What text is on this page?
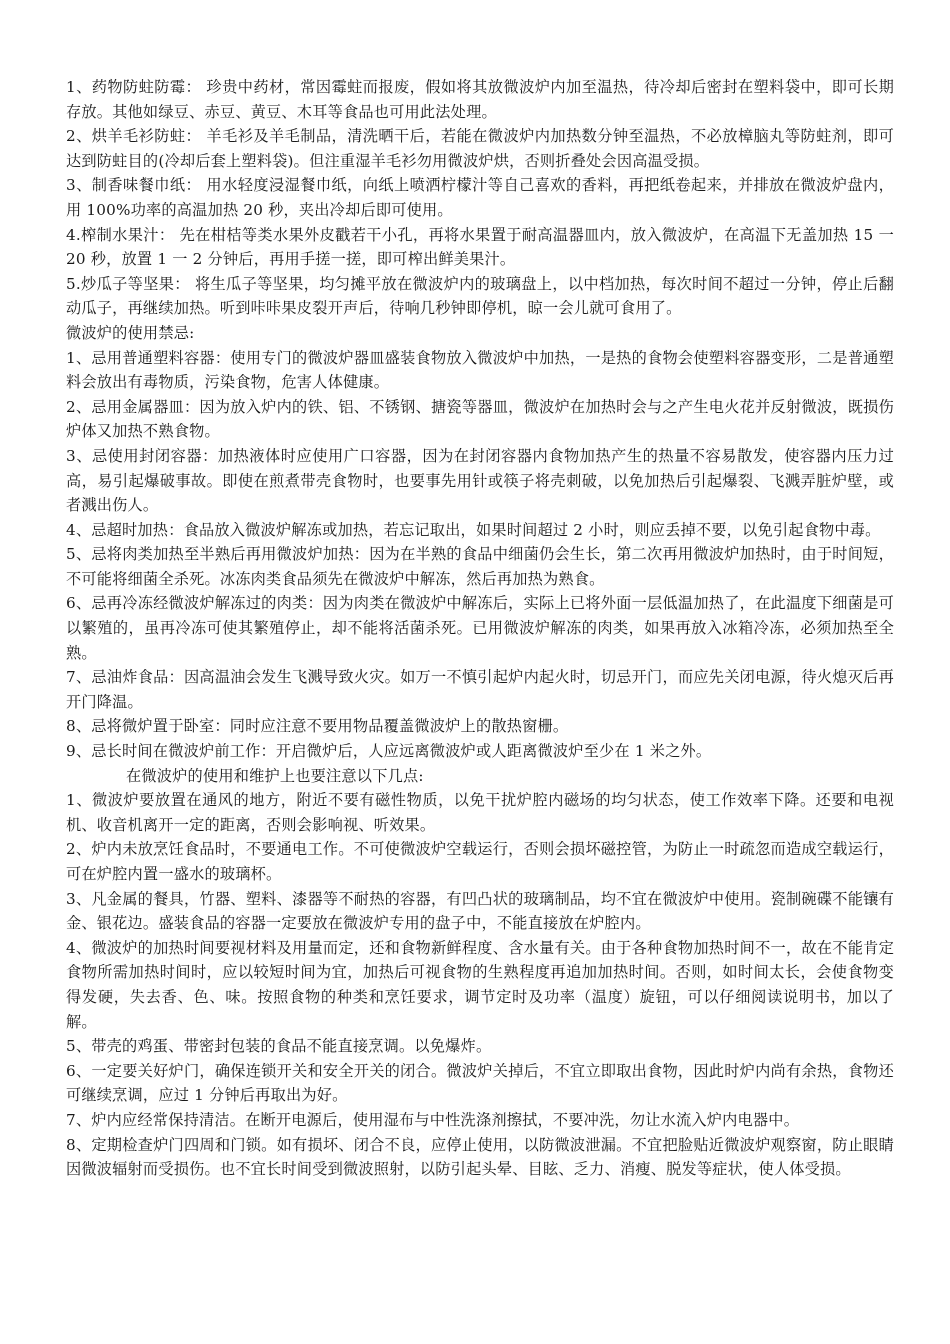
1、药物防蛀防霉： 珍贵中药材，常因霉蛀而报废，假如将其放微波炉内加至温热，待冷却后密封在塑料袋中，即可长期存放。其他如绿豆、赤豆、黄豆、木耳等食品也可用此法处理。

2、烘羊毛衫防蛀： 羊毛衫及羊毛制品，清洗晒干后，若能在微波炉内加热数分钟至温热，不必放樟脑丸等防蛀剂，即可达到防蛀目的(冷却后套上塑料袋)。但注重湿羊毛衫勿用微波炉烘，否则折叠处会因高温受损。

3、制香味餐巾纸： 用水轻度浸湿餐巾纸，向纸上喷洒柠檬汁等自己喜欢的香料，再把纸卷起来，并排放在微波炉盘内，用 100%功率的高温加热 20 秒，夹出冷却后即可使用。

4.榨制水果汁： 先在柑桔等类水果外皮戳若干小孔，再将水果置于耐高温器皿内，放入微波炉，在高温下无盖加热 15 一 20 秒，放置 1 一 2 分钟后，再用手搓一搓，即可榨出鲜美果汁。

5.炒瓜子等坚果： 将生瓜子等坚果，均匀摊平放在微波炉内的玻璃盘上，以中档加热，每次时间不超过一分钟，停止后翻动瓜子，再继续加热。听到咔咔果皮裂开声后，待响几秒钟即停机，晾一会儿就可食用了。

微波炉的使用禁忌:

1、忌用普通塑料容器：使用专门的微波炉器皿盛装食物放入微波炉中加热，一是热的食物会使塑料容器变形，二是普通塑料会放出有毒物质，污染食物，危害人体健康。

2、忌用金属器皿：因为放入炉内的铁、铝、不锈钢、搪瓷等器皿，微波炉在加热时会与之产生电火花并反射微波，既损伤炉体又加热不熟食物。

3、忌使用封闭容器：加热液体时应使用广口容器，因为在封闭容器内食物加热产生的热量不容易散发，使容器内压力过高，易引起爆破事故。即使在煎煮带壳食物时，也要事先用针或筷子将壳刺破，以免加热后引起爆裂、飞溅弄脏炉壁，或者溅出伤人。

4、忌超时加热：食品放入微波炉解冻或加热，若忘记取出，如果时间超过 2 小时，则应丢掉不要，以免引起食物中毒。

5、忌将肉类加热至半熟后再用微波炉加热：因为在半熟的食品中细菌仍会生长，第二次再用微波炉加热时，由于时间短，不可能将细菌全杀死。冰冻肉类食品须先在微波炉中解冻，然后再加热为熟食。

6、忌再冷冻经微波炉解冻过的肉类：因为肉类在微波炉中解冻后，实际上已将外面一层低温加热了，在此温度下细菌是可以繁殖的，虽再冷冻可使其繁殖停止，却不能将活菌杀死。已用微波炉解冻的肉类，如果再放入冰箱冷冻，必须加热至全熟。

7、忌油炸食品：因高温油会发生飞溅导致火灾。如万一不慎引起炉内起火时，切忌开门，而应先关闭电源，待火熄灭后再开门降温。

8、忌将微炉置于卧室：同时应注意不要用物品覆盖微波炉上的散热窗栅。

9、忌长时间在微波炉前工作：开启微炉后，人应远离微波炉或人距离微波炉至少在 1 米之外。

在微波炉的使用和维护上也要注意以下几点:

1、微波炉要放置在通风的地方，附近不要有磁性物质，以免干扰炉腔内磁场的均匀状态，使工作效率下降。还要和电视机、收音机离开一定的距离，否则会影响视、听效果。

2、炉内未放烹饪食品时，不要通电工作。不可使微波炉空载运行，否则会损坏磁控管，为防止一时疏忽而造成空载运行，可在炉腔内置一盛水的玻璃杯。

3、凡金属的餐具，竹器、塑料、漆器等不耐热的容器，有凹凸状的玻璃制品，均不宜在微波炉中使用。瓷制碗碟不能镶有金、银花边。盛装食品的容器一定要放在微波炉专用的盘子中，不能直接放在炉腔内。

4、微波炉的加热时间要视材料及用量而定，还和食物新鲜程度、含水量有关。由于各种食物加热时间不一，故在不能肯定食物所需加热时间时，应以较短时间为宜，加热后可视食物的生熟程度再追加加热时间。否则，如时间太长，会使食物变得发硬，失去香、色、味。按照食物的种类和烹饪要求，调节定时及功率（温度）旋钮，可以仔细阅读说明书，加以了解。

5、带壳的鸡蛋、带密封包装的食品不能直接烹调。以免爆炸。

6、一定要关好炉门，确保连锁开关和安全开关的闭合。微波炉关掉后，不宜立即取出食物，因此时炉内尚有余热，食物还可继续烹调，应过 1 分钟后再取出为好。

7、炉内应经常保持清洁。在断开电源后，使用湿布与中性洗涤剂擦拭，不要冲洗，勿让水流入炉内电器中。

8、定期检查炉门四周和门锁。如有损坏、闭合不良，应停止使用，以防微波泄漏。不宜把脸贴近微波炉观察窗，防止眼睛因微波辐射而受损伤。也不宜长时间受到微波照射，以防引起头晕、目眩、乏力、消瘦、脱发等症状，使人体受损。
